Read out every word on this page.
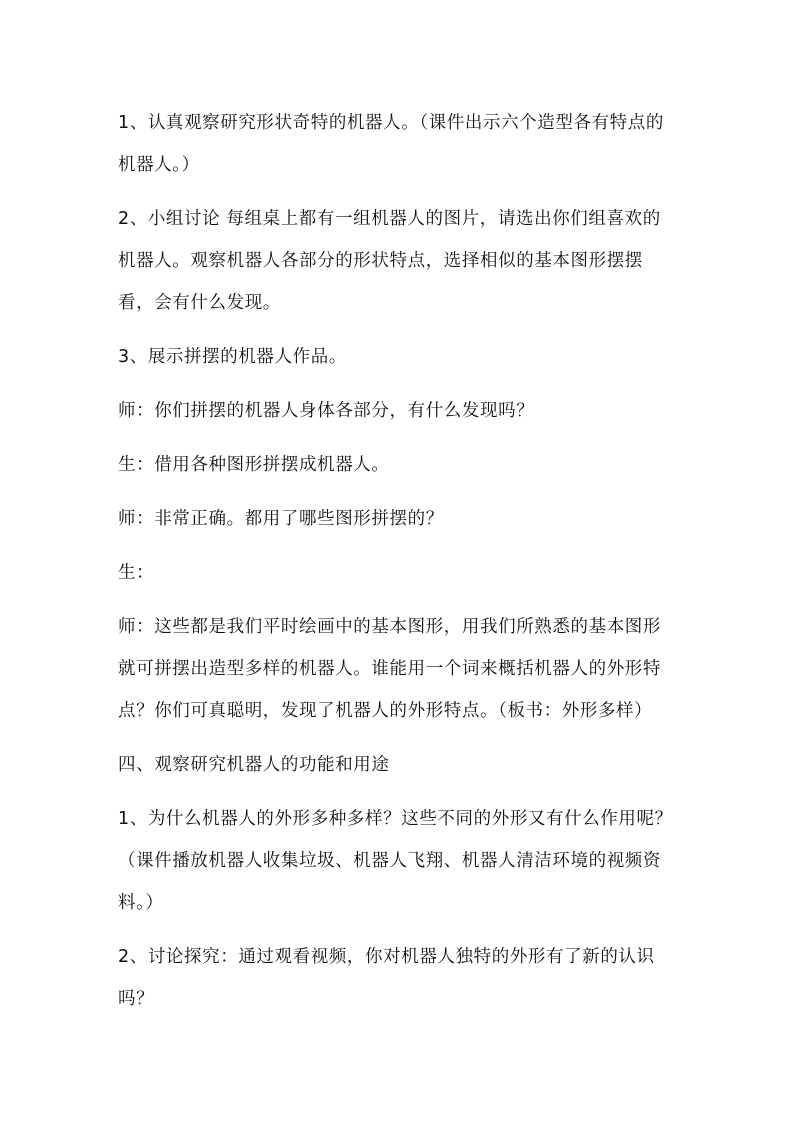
1、认真观察研究形状奇特的机器人。（课件出示六个造型各有特点的机器人。）

2、小组讨论 每组桌上都有一组机器人的图片，请选出你们组喜欢的机器人。观察机器人各部分的形状特点，选择相似的基本图形摆摆看，会有什么发现。

3、展示拼摆的机器人作品。

师：你们拼摆的机器人身体各部分，有什么发现吗？

生：借用各种图形拼摆成机器人。

师：非常正确。都用了哪些图形拼摆的？

生：

师：这些都是我们平时绘画中的基本图形，用我们所熟悉的基本图形就可拼摆出造型多样的机器人。谁能用一个词来概括机器人的外形特点？你们可真聪明，发现了机器人的外形特点。（板书：外形多样）

四、观察研究机器人的功能和用途

1、为什么机器人的外形多种多样？这些不同的外形又有什么作用呢？（课件播放机器人收集垃圾、机器人飞翔、机器人清洁环境的视频资料。）

2、讨论探究：通过观看视频，你对机器人独特的外形有了新的认识吗？
